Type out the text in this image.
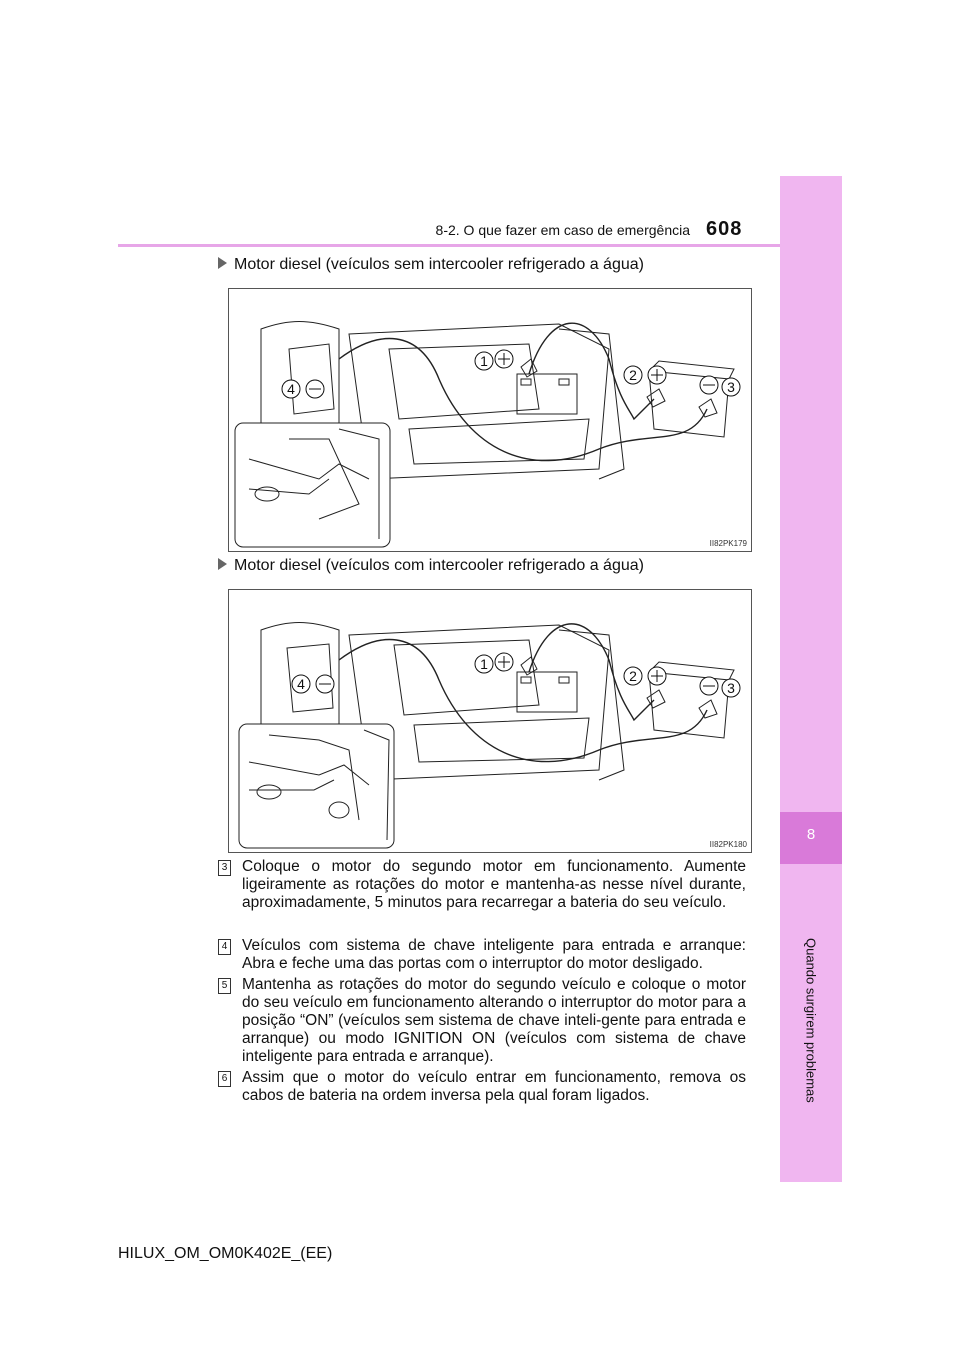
8-2. O que fazer em caso de emergência 608
8
Quando surgirem problemas
Motor diesel (veículos sem intercooler refrigerado a água)
1
2
3
4
II82PK179
Motor diesel (veículos com intercooler refrigerado a água)
1
2
3
4
II82PK180
3 Coloque o motor do segundo motor em funcionamento. Aumente ligeiramente as rotações do motor e mantenha-as nesse nível durante, aproximadamente, 5 minutos para recarregar a bateria do seu veículo.
4 Veículos com sistema de chave inteligente para entrada e arranque: Abra e feche uma das portas com o interruptor do motor desligado.
5 Mantenha as rotações do motor do segundo veículo e coloque o motor do seu veículo em funcionamento alterando o interruptor do motor para a posição “ON” (veículos sem sistema de chave inteli-gente para entrada e arranque) ou modo IGNITION ON (veículos com sistema de chave inteligente para entrada e arranque).
6 Assim que o motor do veículo entrar em funcionamento, remova os cabos de bateria na ordem inversa pela qual foram ligados.
HILUX_OM_OM0K402E_(EE)
